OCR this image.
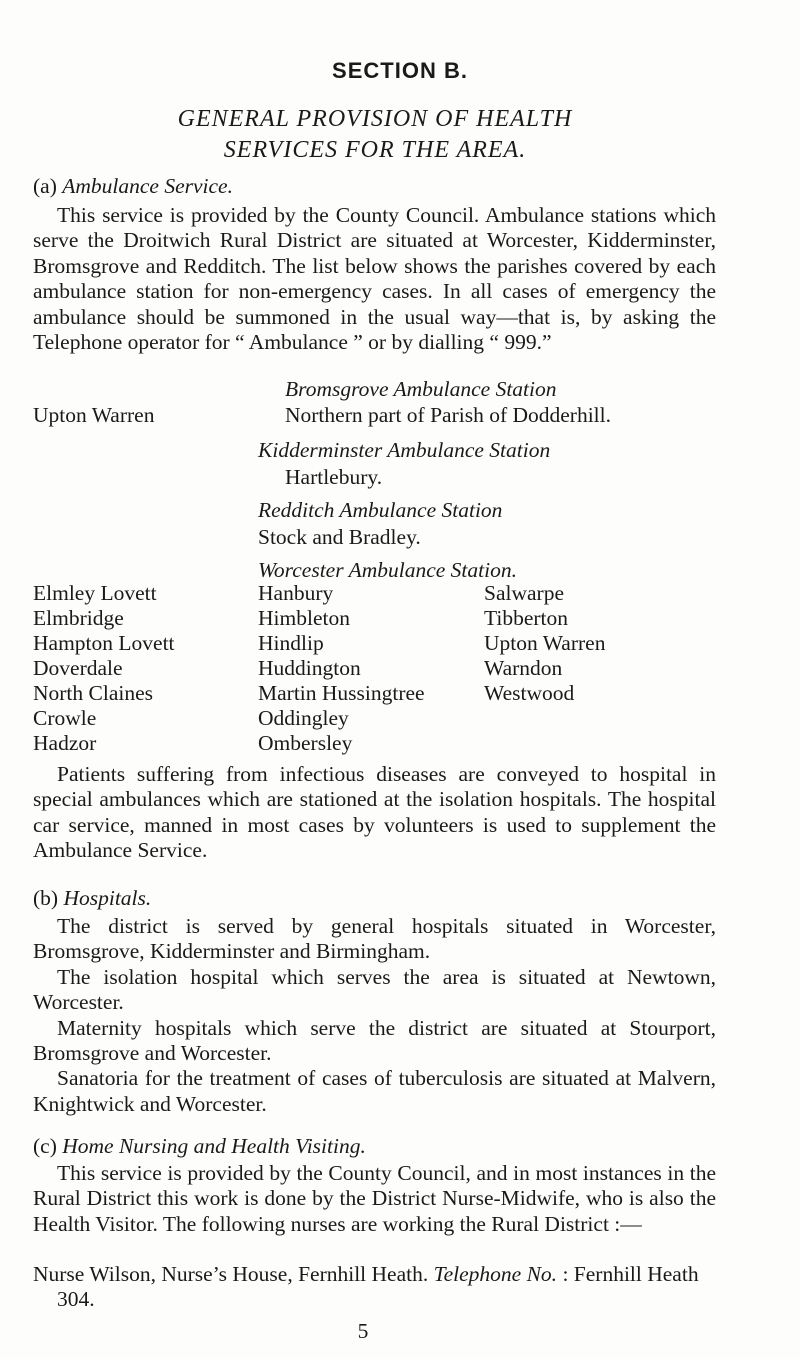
SECTION B.
GENERAL PROVISION OF HEALTH
SERVICES FOR THE AREA.
(a) Ambulance Service.

This service is provided by the County Council. Ambulance stations which serve the Droitwich Rural District are situated at Worcester, Kidderminster, Bromsgrove and Redditch. The list below shows the parishes covered by each ambulance station for non-emergency cases. In all cases of emergency the ambulance should be summoned in the usual way—that is, by asking the Telephone operator for “ Ambulance ” or by dialling “ 999.”

Bromsgrove Ambulance Station
Upton Warren	Northern part of Parish of Dodderhill.
Kidderminster Ambulance Station
Hartlebury.
Redditch Ambulance Station
Stock and Bradley.
Worcester Ambulance Station.
Elmley Lovett
Elmbridge
Hampton Lovett
Doverdale
North Claines
Crowle
Hadzor
Hanbury
Himbleton
Hindlip
Huddington
Martin Hussingtree
Oddingley
Ombersley
Salwarpe
Tibberton
Upton Warren
Warndon
Westwood

Patients suffering from infectious diseases are conveyed to hospital in special ambulances which are stationed at the isolation hospitals. The hospital car service, manned in most cases by volunteers is used to supplement the Ambulance Service.

(b) Hospitals.

The district is served by general hospitals situated in Worcester, Bromsgrove, Kidderminster and Birmingham.

The isolation hospital which serves the area is situated at Newtown, Worcester.

Maternity hospitals which serve the district are situated at Stourport, Bromsgrove and Worcester.

Sanatoria for the treatment of cases of tuberculosis are situated at Malvern, Knightwick and Worcester.

(c) Home Nursing and Health Visiting.

This service is provided by the County Council, and in most instances in the Rural District this work is done by the District Nurse-Midwife, who is also the Health Visitor. The following nurses are working the Rural District :—

Nurse Wilson, Nurse’s House, Fernhill Heath. Telephone No. : Fernhill Heath 304.
5
